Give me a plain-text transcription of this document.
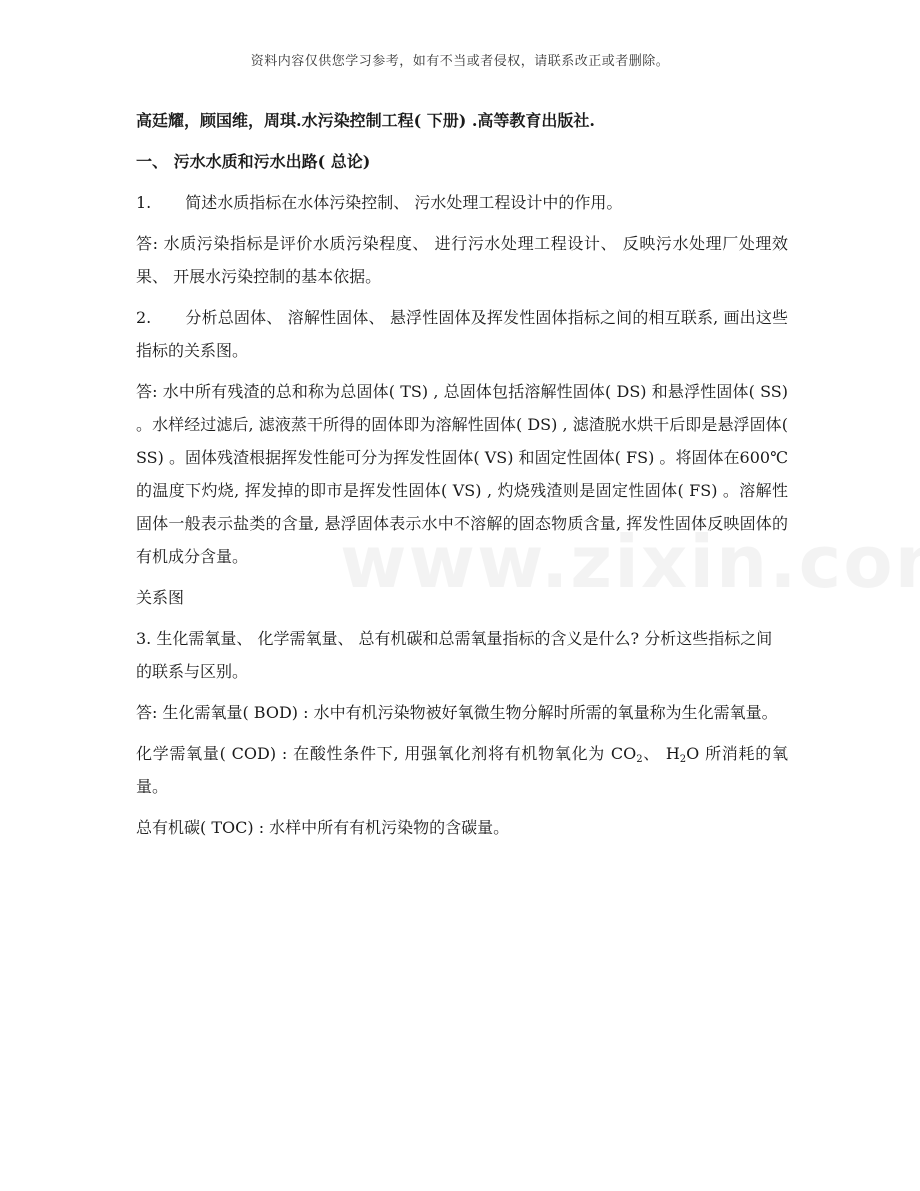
资料内容仅供您学习参考，如有不当或者侵权，请联系改正或者删除。

高廷耀，顾国维，周琪.水污染控制工程( 下册) .高等教育出版社.

一、 污水水质和污水出路( 总论)

1. 简述水质指标在水体污染控制、 污水处理工程设计中的作用。

答: 水质污染指标是评价水质污染程度、 进行污水处理工程设计、 反映污水处理厂处理效果、 开展水污染控制的基本依据。

2. 分析总固体、 溶解性固体、 悬浮性固体及挥发性固体指标之间的相互联系, 画出这些指标的关系图。

答: 水中所有残渣的总和称为总固体( TS) , 总固体包括溶解性固体( DS) 和悬浮性固体( SS) 。水样经过滤后, 滤液蒸干所得的固体即为溶解性固体( DS) , 滤渣脱水烘干后即是悬浮固体( SS) 。固体残渣根据挥发性能可分为挥发性固体( VS) 和固定性固体( FS) 。将固体在600℃的温度下灼烧, 挥发掉的即市是挥发性固体( VS) , 灼烧残渣则是固定性固体( FS) 。溶解性固体一般表示盐类的含量, 悬浮固体表示水中不溶解的固态物质含量, 挥发性固体反映固体的有机成分含量。

关系图

3. 生化需氧量、 化学需氧量、 总有机碳和总需氧量指标的含义是什么? 分析这些指标之间

的联系与区别。

答: 生化需氧量( BOD) : 水中有机污染物被好氧微生物分解时所需的氧量称为生化需氧量。

化学需氧量( COD) : 在酸性条件下, 用强氧化剂将有机物氧化为 $CO_2$、 $H_2O$ 所消耗的氧量。

总有机碳( TOC) : 水样中所有有机污染物的含碳量。
